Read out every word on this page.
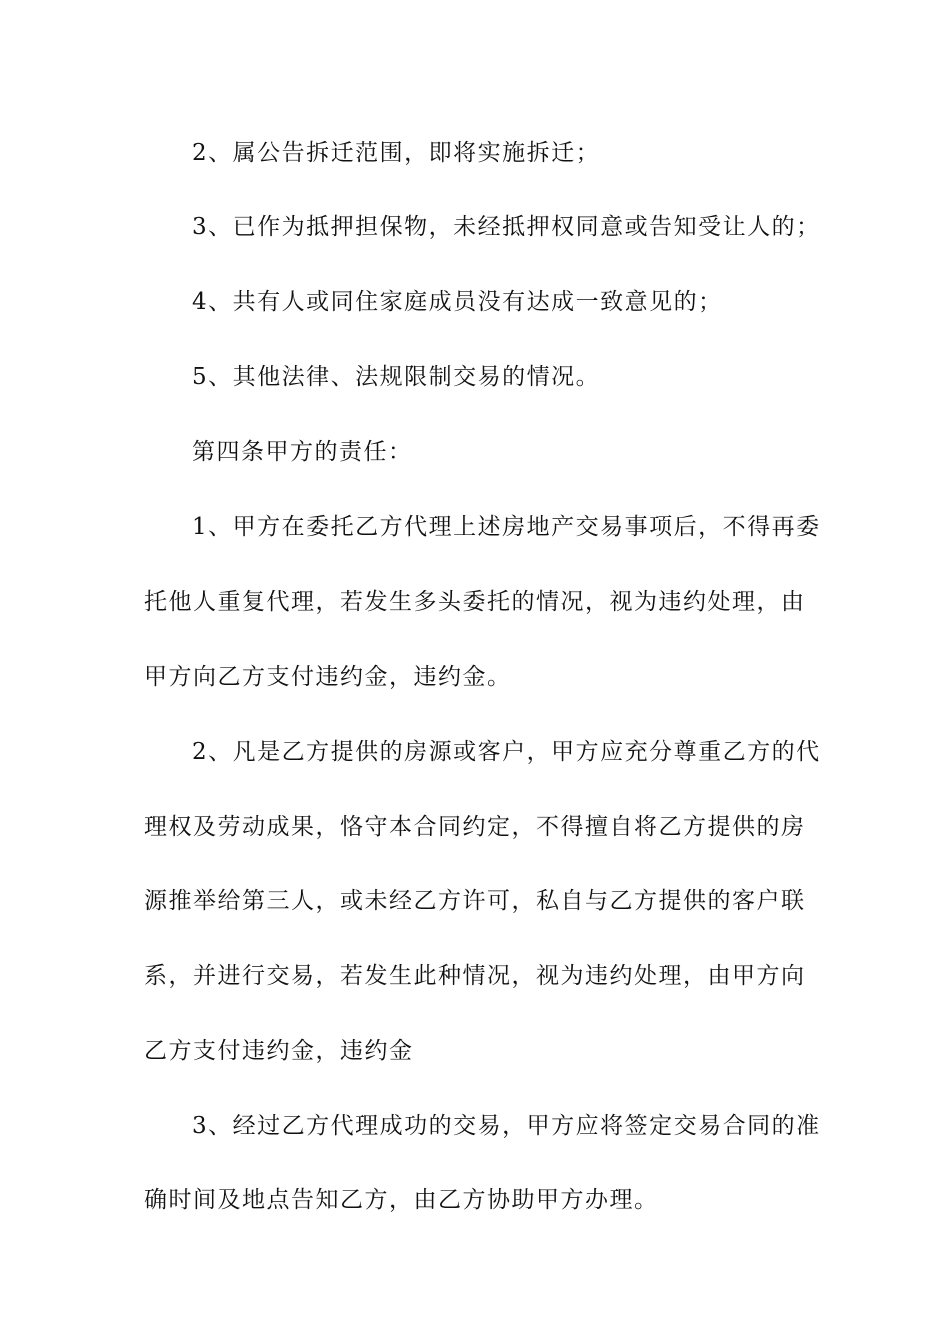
2、属公告拆迁范围，即将实施拆迁；
3、已作为抵押担保物，未经抵押权同意或告知受让人的；
4、共有人或同住家庭成员没有达成一致意见的；
5、其他法律、法规限制交易的情况。
第四条甲方的责任：
1、甲方在委托乙方代理上述房地产交易事项后，不得再委
托他人重复代理，若发生多头委托的情况，视为违约处理，由
甲方向乙方支付违约金，违约金。
2、凡是乙方提供的房源或客户，甲方应充分尊重乙方的代
理权及劳动成果，恪守本合同约定，不得擅自将乙方提供的房
源推举给第三人，或未经乙方许可，私自与乙方提供的客户联
系，并进行交易，若发生此种情况，视为违约处理，由甲方向
乙方支付违约金，违约金
3、经过乙方代理成功的交易，甲方应将签定交易合同的准
确时间及地点告知乙方，由乙方协助甲方办理。
